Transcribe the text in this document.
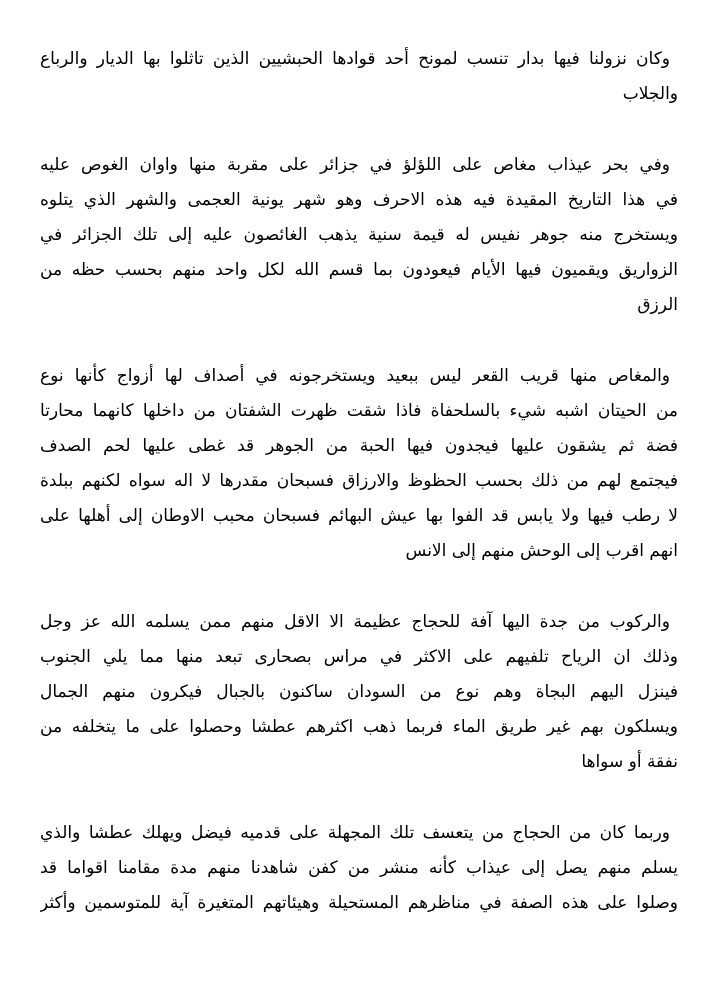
وكان نزولنا فيها بدار تنسب لمونح أحد قوادها الحبشيين الذين تاثلوا بها الديار والرباع
والجلاب

وفي بحر عيذاب مغاص على اللؤلؤ في جزائر على مقربة منها واوان الغوص عليه
في هذا التاريخ المقيدة فيه هذه الاحرف وهو شهر يونية العجمى والشهر الذي يتلوه
ويستخرج منه جوهر نفيس له قيمة سنية يذهب الغائصون عليه إلى تلك الجزائر في
الزواريق ويقميون فيها الأيام فيعودون بما قسم الله لكل واحد منهم بحسب حظه من
الرزق

والمغاص منها قريب القعر ليس ببعيد ويستخرجونه في أصداف لها أزواج كأنها نوع
من الحيتان اشبه شيء بالسلحفاة فاذا شقت ظهرت الشفتان من داخلها كانهما محارتا
فضة ثم يشقون عليها فيجدون فيها الحبة من الجوهر قد غطى عليها لحم الصدف
فيجتمع لهم من ذلك بحسب الحظوظ والارزاق فسبحان مقدرها لا اله سواه لكنهم ببلدة
لا رطب فيها ولا يابس قد الفوا بها عيش البهائم فسبحان محبب الاوطان إلى أهلها على
انهم اقرب إلى الوحش منهم إلى الانس

والركوب من جدة اليها آفة للحجاج عظيمة الا الاقل منهم ممن يسلمه الله عز وجل
وذلك ان الرياح تلفيهم على الاكثر في مراس بصحارى تبعد منها مما يلي الجنوب
فينزل اليهم البجاة وهم نوع من السودان ساكنون بالجبال فيكرون منهم الجمال
ويسلكون بهم غير طريق الماء فربما ذهب اكثرهم عطشا وحصلوا على ما يتخلفه من
نفقة أو سواها

وربما كان من الحجاج من يتعسف تلك المجهلة على قدميه فيضل ويهلك عطشا والذي
يسلم منهم يصل إلى عيذاب كأنه منشر من كفن شاهدنا منهم مدة مقامنا اقواما قد
وصلوا على هذه الصفة في مناظرهم المستحيلة وهيئاتهم المتغيرة آية للمتوسمين وأكثر
